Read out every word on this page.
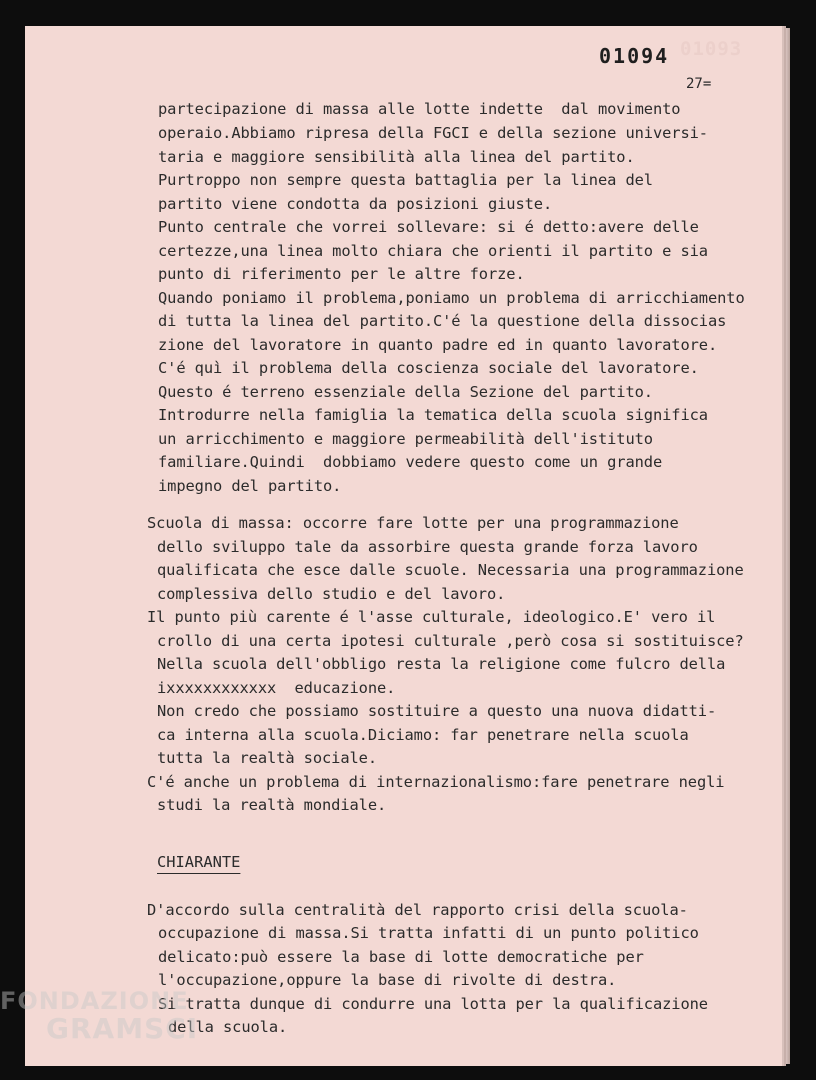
01093
01094
27=

partecipazione di massa alle lotte indette  dal movimento

operaio.Abbiamo ripresa della FGCI e della sezione universi-

taria e maggiore sensibilità alla linea del partito.

Purtroppo non sempre questa battaglia per la linea del

partito viene condotta da posizioni giuste.

Punto centrale che vorrei sollevare: si é detto:avere delle

certezze,una linea molto chiara che orienti il partito e sia

punto di riferimento per le altre forze.

Quando poniamo il problema,poniamo un problema di arricchiamento

di tutta la linea del partito.C'é la questione della dissocias

zione del lavoratore in quanto padre ed in quanto lavoratore.

C'é quì il problema della coscienza sociale del lavoratore.

Questo é terreno essenziale della Sezione del partito.

Introdurre nella famiglia la tematica della scuola significa

un arricchimento e maggiore permeabilità dell'istituto

familiare.Quindi  dobbiamo vedere questo come un grande

impegno del partito.

Scuola di massa: occorre fare lotte per una programmazione

dello sviluppo tale da assorbire questa grande forza lavoro

qualificata che esce dalle scuole. Necessaria una programmazione

complessiva dello studio e del lavoro.

Il punto più carente é l'asse culturale, ideologico.E' vero il

crollo di una certa ipotesi culturale ,però cosa si sostituisce?

Nella scuola dell'obbligo resta la religione come fulcro della

ixxxxxxxxxxxx  educazione.

Non credo che possiamo sostituire a questo una nuova didatti-

ca interna alla scuola.Diciamo: far penetrare nella scuola

tutta la realtà sociale.

C'é anche un problema di internazionalismo:fare penetrare negli

studi la realtà mondiale.

CHIARANTE

D'accordo sulla centralità del rapporto crisi della scuola-

occupazione di massa.Si tratta infatti di un punto politico

delicato:può essere la base di lotte democratiche per

l'occupazione,oppure la base di rivolte di destra.

Si tratta dunque di condurre una lotta per la qualificazione

della scuola.

FONDAZIONE
GRAMSCI
